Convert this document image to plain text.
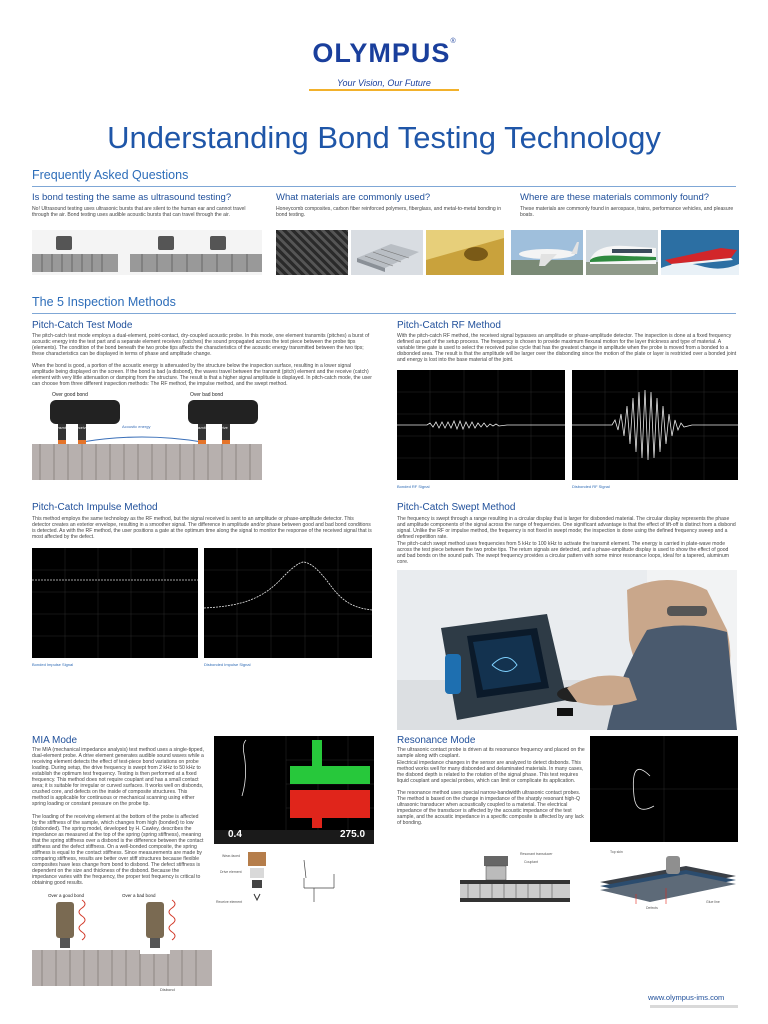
OLYMPUS®
Your Vision, Our Future
Understanding Bond Testing Technology
Frequently Asked Questions
Is bond testing the same as ultrasound testing?
No! Ultrasound testing uses ultrasonic bursts that are silent to the human ear and cannot travel through the air. Bond testing uses audible acoustic bursts that can travel through the air.
What materials are commonly used?
Honeycomb composites, carbon fiber reinforced polymers, fiberglass, and metal-to-metal bonding in bond testing.
Where are these materials commonly found?
These materials are commonly found in aerospace, trains, performance vehicles, and pleasure boats.
The 5 Inspection Methods
Pitch-Catch Test Mode
The pitch-catch test mode employs a dual-element, point-contact, dry-coupled acoustic probe. In this mode, one element transmits (pitches) a burst of acoustic energy into the test part and a separate element receives (catches) the sound propagated across the test piece between the probe tips (elements). The condition of the bond beneath the two probe tips affects the characteristics of the acoustic energy transmitted between the two tips; these characteristics can be displayed in terms of phase and amplitude change.
When the bond is good, a portion of the acoustic energy is attenuated by the structure below the inspection surface, resulting in a lower signal amplitude being displayed on the screen. If the bond is bad (a disbond), the waves travel between the transmit (pitch) element and the receive (catch) element with very little attenuation or damping from the structure. The result is that a higher signal amplitude is displayed. In pitch-catch mode, the user can choose from three different inspection methods: The RF method, the impulse method, and the swept method.
Over good bond	Over bad bond
Transmit Receive	Transmit Receive
Acoustic energy
Pitch-Catch RF Method
With the pitch-catch RF method, the received signal bypasses an amplitude or phase-amplitude detector. The inspection is done at a fixed frequency defined as part of the setup process. The frequency is chosen to provide maximum flexural motion for the layer thickness and type of material. A variable time gate is used to select the received pulse cycle that has the greatest change in amplitude when the probe is moved from a bonded to a disbonded area. The result is that the amplitude will be larger over the disbonding since the motion of the plate or layer is restricted over a bonded joint and energy is lost into the base material of the joint.
Bonded RF Signal	Disbonded RF Signal
Pitch-Catch Impulse Method
This method employs the same technology as the RF method, but the signal received is sent to an amplitude or phase-amplitude detector. This detector creates an exterior envelope, resulting in a smoother signal. The difference in amplitude and/or phase between good and bad bond conditions is detected. As with the RF method, the user positions a gate at the optimum time along the signal to monitor the response of the received signal that is most affected by the defect.
Bonded Impulse Signal	Disbonded Impulse Signal
Pitch-Catch Swept Method
The frequency is swept through a range resulting in a circular display that is larger for disbonded material. The circular display represents the phase and amplitude components of the signal across the range of frequencies. One significant advantage is that the effect of lift-off is distinct from a disbond signal. Unlike the RF or impulse method, the frequency is not fixed in swept mode; the inspection is done using the defined frequency sweep and a defined repetition rate.
The pitch-catch swept method uses frequencies from 5 kHz to 100 kHz to activate the transmit element. The energy is carried in plate-wave mode across the test piece between the two probe tips. The return signals are detected, and a phase-amplitude display is used to show the effect of good and bad bonds on the sound path. The swept frequency provides a circular pattern with some minor resonance loops, ideal for a tapered, aluminum core.
MIA Mode
The MIA (mechanical impedance analysis) test method uses a single-tipped, dual-element probe. A drive element generates audible sound waves while a receiving element detects the effect of test-piece bond variations on probe loading. During setup, the drive frequency is swept from 2 kHz to 50 kHz to establish the optimum test frequency. Testing is then performed at a fixed frequency. This method does not require couplant and has a small contact area; it is suitable for irregular or curved surfaces. It works well on disbonds, crushed core, and defects on the inside of composite structures. This method is applicable for continuous or mechanical scanning using either spring loading or constant pressure on the probe tip.
The loading of the receiving element at the bottom of the probe is affected by the stiffness of the sample, which changes from high (bonded) to low (disbonded). The spring model, developed by H. Cawley, describes the impedance as measured at the top of the spring (spring stiffness), meaning that the spring stiffness over a disbond is the difference between the contact stiffness and the defect stiffness. On a well-bonded composite, the spring stiffness is equal to the contact stiffness. Since measurements are made by comparing stiffness, results are better over stiff structures because flexible composites have less change from bond to disbond. The defect stiffness is dependent on the size and thickness of the disbond. Because the impedance varies with the frequency, the proper test frequency is critical to obtaining good results.
Over a good bond	Over a bad bond
Disbond
0.4	275.0
Wear-faced
Drive element
Receive element
Resonance Mode
The ultrasonic contact probe is driven at its resonance frequency and placed on the sample along with couplant.
Electrical impedance changes in the sensor are analyzed to detect disbonds. This method works well for many disbonded and delaminated materials. In many cases, the disbond depth is related to the rotation of the signal phase. This test requires liquid couplant and special probes, which can limit or complicate its application.
The resonance method uses special narrow-bandwidth ultrasonic contact probes. The method is based on the change in impedance of the sharply resonant high-Q ultrasonic transducer when acoustically coupled to a material. The electrical impedance of the transducer is affected by the acoustic impedance of the test sample, and the acoustic impedance in a specific composite is affected by any lack of bonding.
Resonant transducer
Couplant
Top skin
Glue line
Defects
www.olympus-ims.com
